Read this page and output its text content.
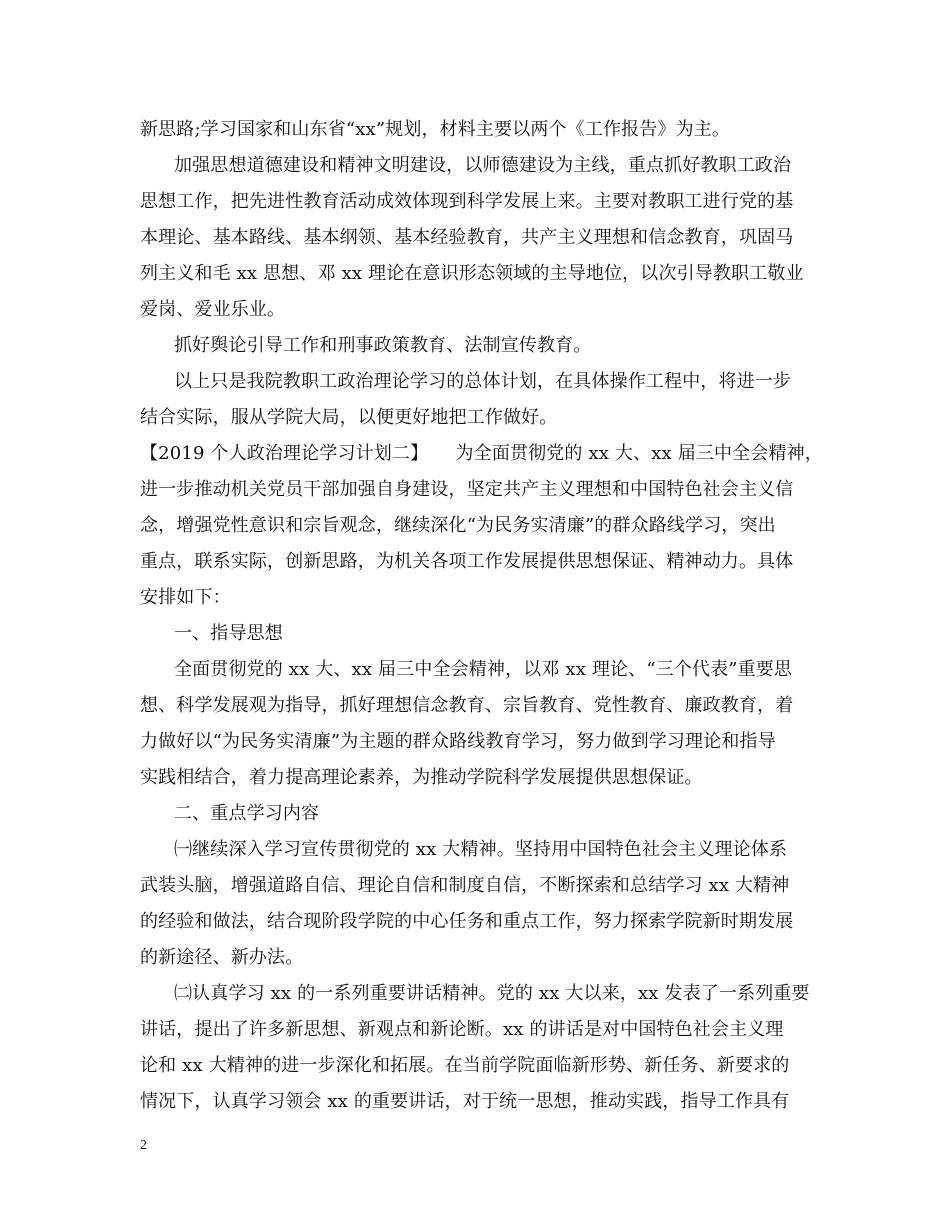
新思路;学习国家和山东省“xx”规划，材料主要以两个《工作报告》为主。
加强思想道德建设和精神文明建设，以师德建设为主线，重点抓好教职工政治
思想工作，把先进性教育活动成效体现到科学发展上来。主要对教职工进行党的基
本理论、基本路线、基本纲领、基本经验教育，共产主义理想和信念教育，巩固马
列主义和毛 xx 思想、邓 xx 理论在意识形态领域的主导地位，以次引导教职工敬业
爱岗、爱业乐业。
抓好舆论引导工作和刑事政策教育、法制宣传教育。
以上只是我院教职工政治理论学习的总体计划，在具体操作工程中，将进一步
结合实际，服从学院大局，以便更好地把工作做好。
【2019 个人政治理论学习计划二】　　为全面贯彻党的 xx 大、xx 届三中全会精神，
进一步推动机关党员干部加强自身建设，坚定共产主义理想和中国特色社会主义信
念，增强党性意识和宗旨观念，继续深化“为民务实清廉”的群众路线学习，突出
重点，联系实际，创新思路，为机关各项工作发展提供思想保证、精神动力。具体
安排如下：
一、指导思想
全面贯彻党的 xx 大、xx 届三中全会精神，以邓 xx 理论、“三个代表”重要思
想、科学发展观为指导，抓好理想信念教育、宗旨教育、党性教育、廉政教育，着
力做好以“为民务实清廉”为主题的群众路线教育学习，努力做到学习理论和指导
实践相结合，着力提高理论素养，为推动学院科学发展提供思想保证。
二、重点学习内容
㈠继续深入学习宣传贯彻党的 xx 大精神。坚持用中国特色社会主义理论体系
武装头脑，增强道路自信、理论自信和制度自信，不断探索和总结学习 xx 大精神
的经验和做法，结合现阶段学院的中心任务和重点工作，努力探索学院新时期发展
的新途径、新办法。
㈡认真学习 xx 的一系列重要讲话精神。党的 xx 大以来，xx 发表了一系列重要
讲话，提出了许多新思想、新观点和新论断。xx 的讲话是对中国特色社会主义理
论和 xx 大精神的进一步深化和拓展。在当前学院面临新形势、新任务、新要求的
情况下，认真学习领会 xx 的重要讲话，对于统一思想，推动实践，指导工作具有
2
